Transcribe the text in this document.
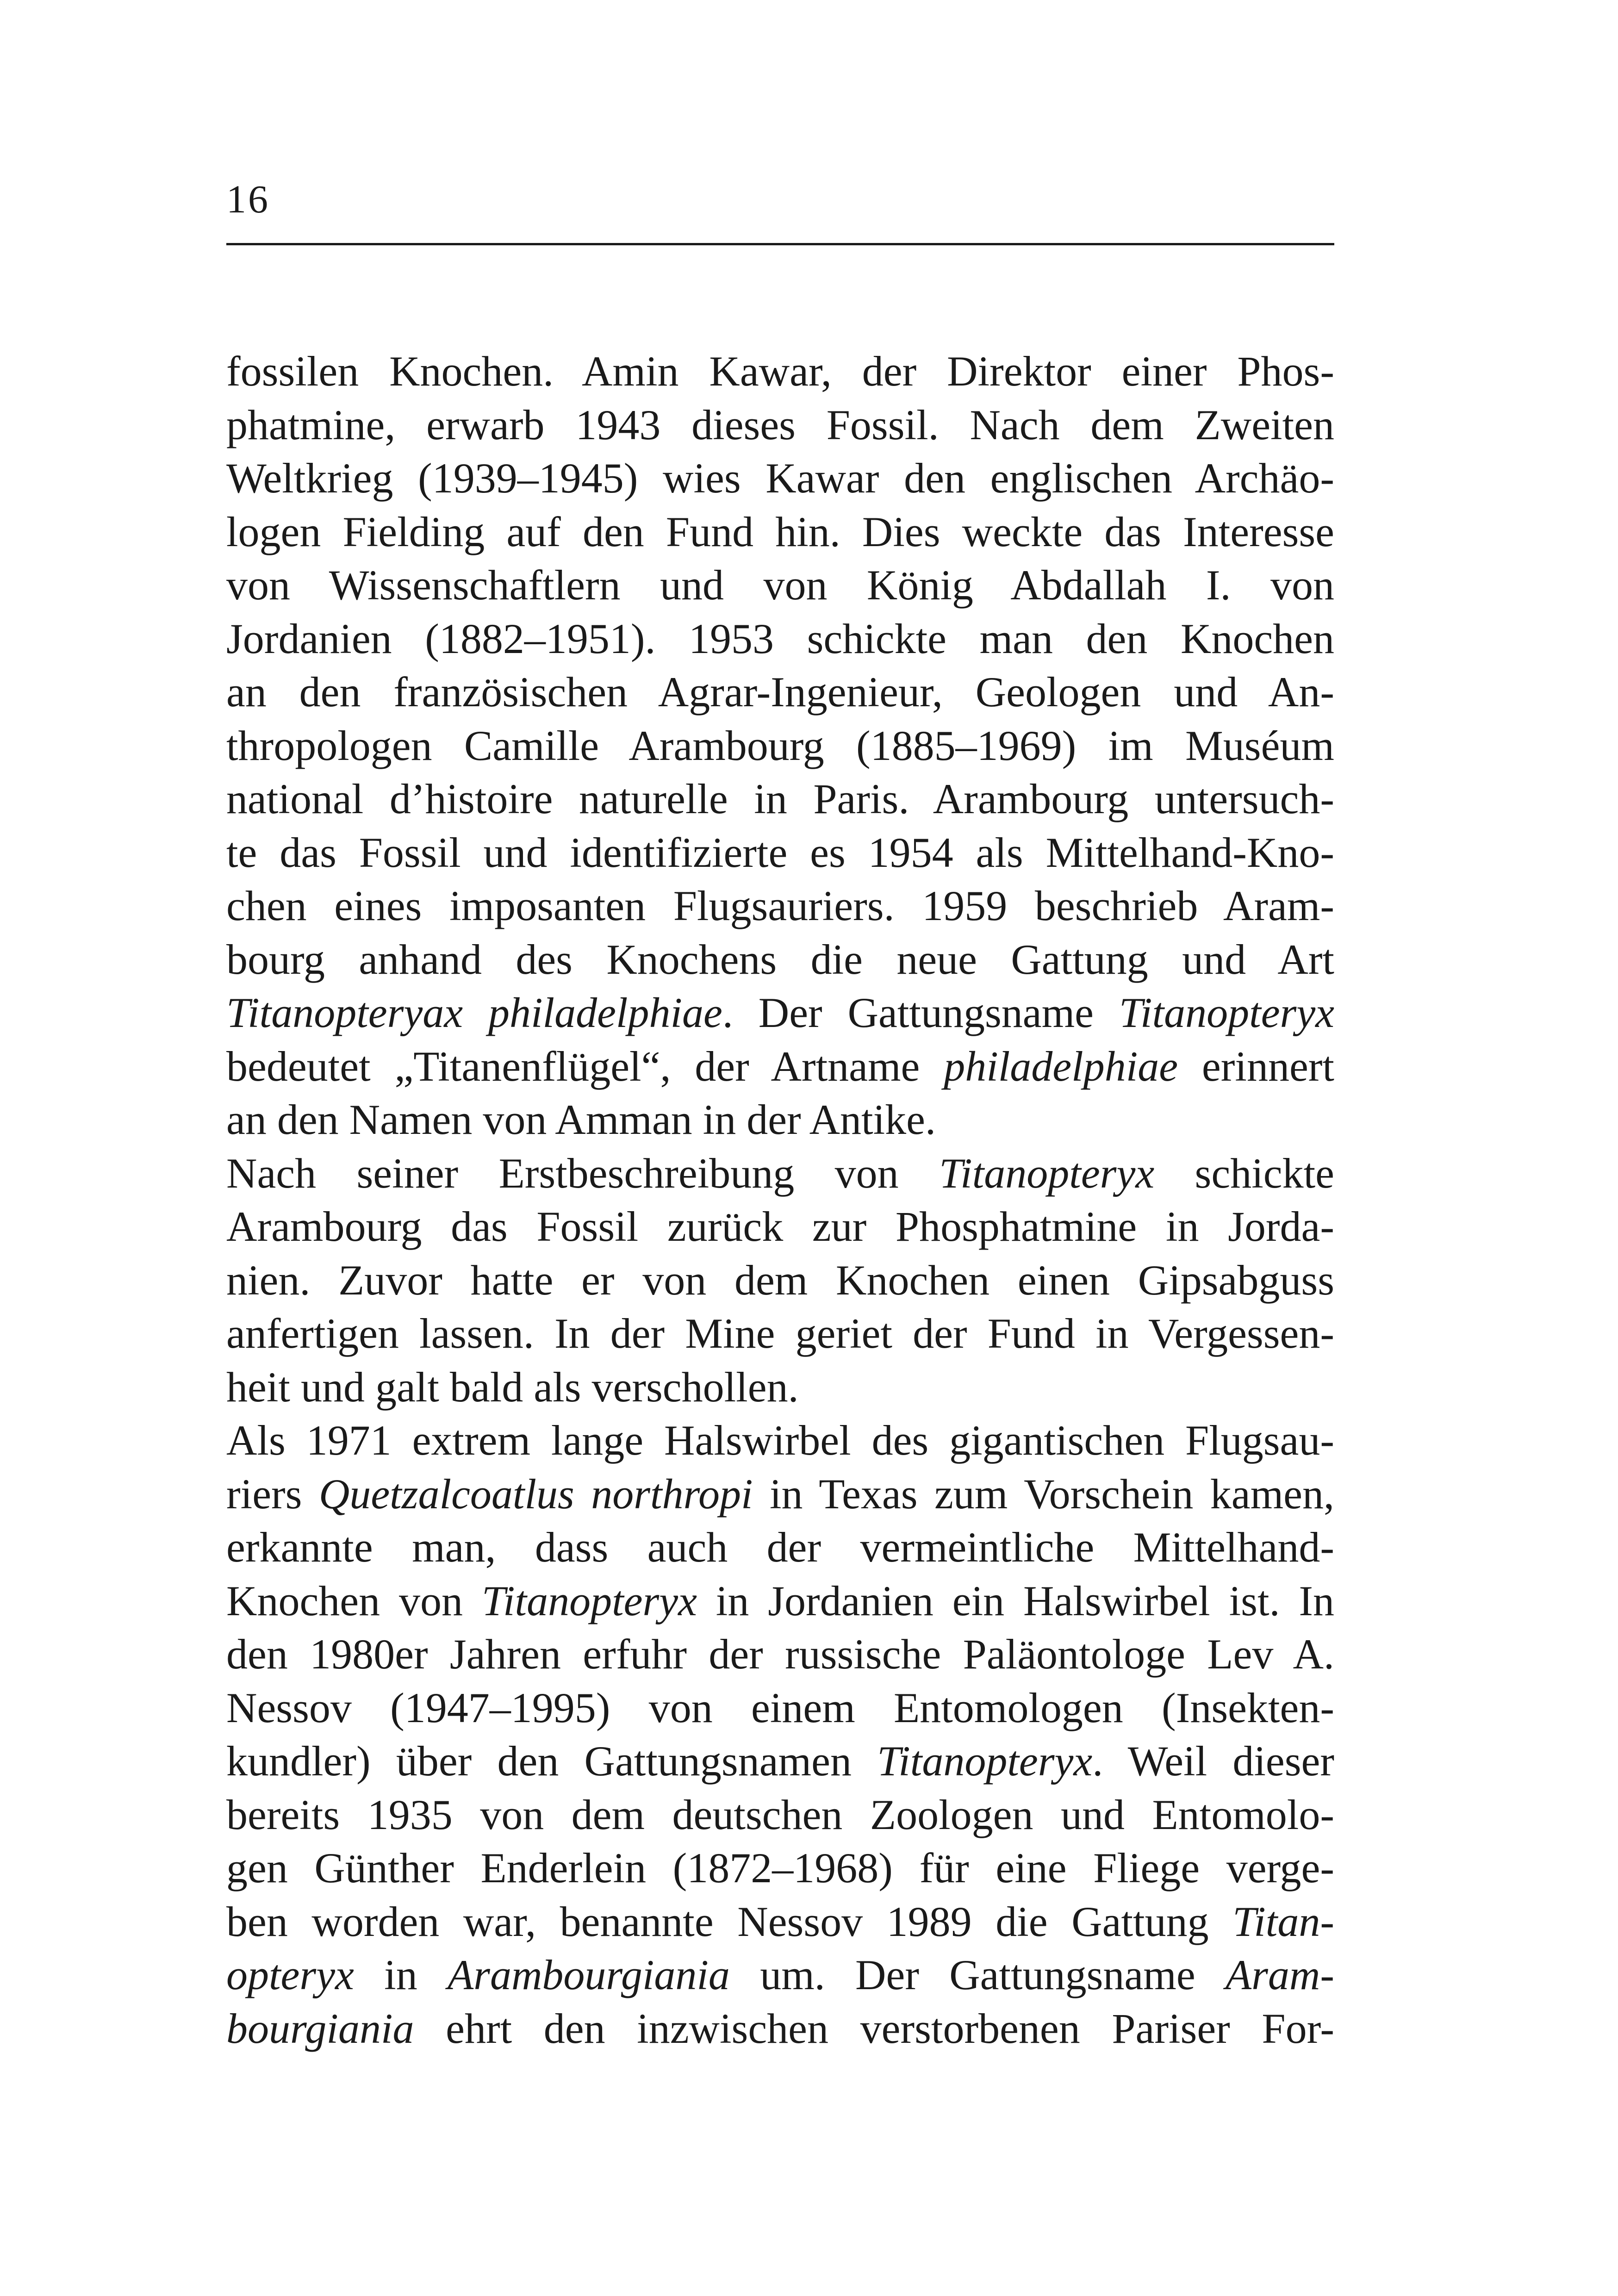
16
fossilen Knochen. Amin Kawar, der Direktor einer Phos-
phatmine, erwarb 1943 dieses Fossil. Nach dem Zweiten
Weltkrieg (1939–1945) wies Kawar den englischen Archäo-
logen Fielding auf den Fund hin. Dies weckte das Interesse
von Wissenschaftlern und von König Abdallah I. von
Jordanien (1882–1951). 1953 schickte man den Knochen
an den französischen Agrar-Ingenieur, Geologen und An-
thropologen Camille Arambourg (1885–1969) im Muséum
national d’histoire naturelle in Paris. Arambourg untersuch-
te das Fossil und identifizierte es 1954 als Mittelhand-Kno-
chen eines imposanten Flugsauriers. 1959 beschrieb Aram-
bourg anhand des Knochens die neue Gattung und Art
Titanopteryax philadelphiae. Der Gattungsname Titanopteryx
bedeutet „Titanenflügel“, der Artname philadelphiae erinnert
an den Namen von Amman in der Antike.
Nach seiner Erstbeschreibung von Titanopteryx schickte
Arambourg das Fossil zurück zur Phosphatmine in Jorda-
nien. Zuvor hatte er von dem Knochen einen Gipsabguss
anfertigen lassen. In der Mine geriet der Fund in Vergessen-
heit und galt bald als verschollen.
Als 1971 extrem lange Halswirbel des gigantischen Flugsau-
riers Quetzalcoatlus northropi in Texas zum Vorschein kamen,
erkannte man, dass auch der vermeintliche Mittelhand-
Knochen von Titanopteryx in Jordanien ein Halswirbel ist. In
den 1980er Jahren erfuhr der russische Paläontologe Lev A.
Nessov (1947–1995) von einem Entomologen (Insekten-
kundler) über den Gattungsnamen Titanopteryx. Weil dieser
bereits 1935 von dem deutschen Zoologen und Entomolo-
gen Günther Enderlein (1872–1968) für eine Fliege verge-
ben worden war, benannte Nessov 1989 die Gattung Titan-
opteryx in Arambourgiania um. Der Gattungsname Aram-
bourgiania ehrt den inzwischen verstorbenen Pariser For-
